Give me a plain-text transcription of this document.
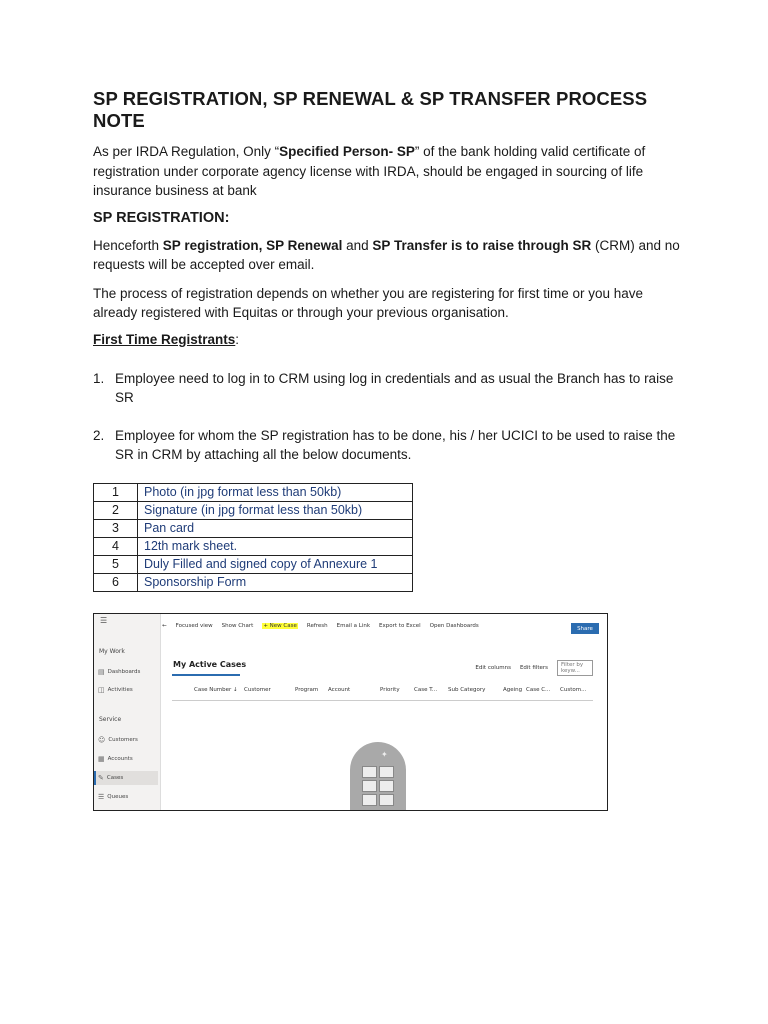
SP REGISTRATION, SP RENEWAL & SP TRANSFER PROCESS NOTE

As per IRDA Regulation, Only “Specified Person- SP” of the bank holding valid certificate of registration under corporate agency license with IRDA, should be engaged in sourcing of life insurance business at bank

SP REGISTRATION:

Henceforth SP registration, SP Renewal and SP Transfer is to raise through SR (CRM) and no requests will be accepted over email.

The process of registration depends on whether you are registering for first time or you have already registered with Equitas or through your previous organisation.

First Time Registrants:
1. Employee need to log in to CRM using log in credentials and as usual the Branch has to raise SR
2. Employee for whom the SP registration has to be done, his / her UCICI to be used to raise the SR in CRM by attaching all the below documents.
1	Photo (in jpg format less than 50kb)
2	Signature (in jpg format less than 50kb)
3	Pan card
4	12th mark sheet.
5	Duly Filled and signed copy of Annexure 1
6	Sponsorship Form
☰
My Work
▤ Dashboards
◫ Activities
Service
☺ Customers
▦ Accounts
✎ Cases
☰ Queues
← Focused view Show Chart + New Case Refresh Email a Link Export to Excel Open Dashboards	Share
My Active Cases	Edit columns Edit filters	Filter by keyw...
Case Number ↓	Customer	Program	Account	Priority	Case T...	Sub Category	Ageing Case C...	Custom...
✦
